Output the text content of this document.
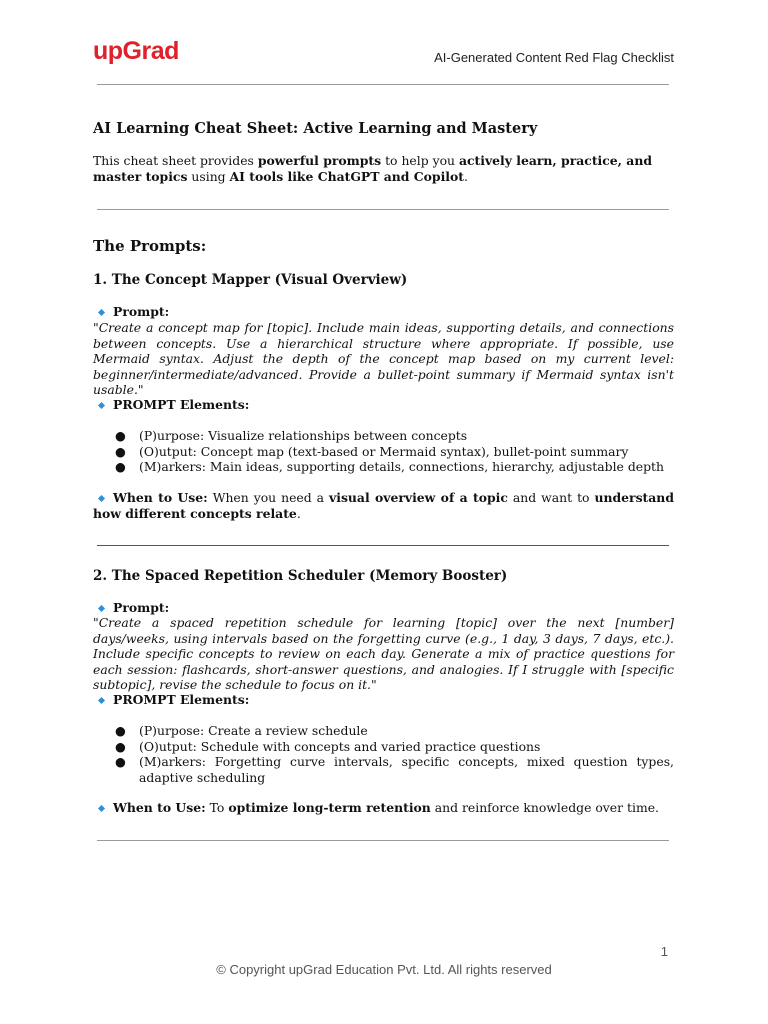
upGrad	AI-Generated Content Red Flag Checklist
AI Learning Cheat Sheet: Active Learning and Mastery
This cheat sheet provides powerful prompts to help you actively learn, practice, and master topics using AI tools like ChatGPT and Copilot.
The Prompts:
1. The Concept Mapper (Visual Overview)
Prompt:
"Create a concept map for [topic]. Include main ideas, supporting details, and connections between concepts. Use a hierarchical structure where appropriate. If possible, use Mermaid syntax. Adjust the depth of the concept map based on my current level: beginner/intermediate/advanced. Provide a bullet-point summary if Mermaid syntax isn't usable."
PROMPT Elements:
● (P)urpose: Visualize relationships between concepts
● (O)utput: Concept map (text-based or Mermaid syntax), bullet-point summary
● (M)arkers: Main ideas, supporting details, connections, hierarchy, adjustable depth
When to Use: When you need a visual overview of a topic and want to understand how different concepts relate.
2. The Spaced Repetition Scheduler (Memory Booster)
Prompt:
"Create a spaced repetition schedule for learning [topic] over the next [number] days/weeks, using intervals based on the forgetting curve (e.g., 1 day, 3 days, 7 days, etc.). Include specific concepts to review on each day. Generate a mix of practice questions for each session: flashcards, short-answer questions, and analogies. If I struggle with [specific subtopic], revise the schedule to focus on it."
PROMPT Elements:
● (P)urpose: Create a review schedule
● (O)utput: Schedule with concepts and varied practice questions
● (M)arkers: Forgetting curve intervals, specific concepts, mixed question types, adaptive scheduling
When to Use: To optimize long-term retention and reinforce knowledge over time.
1
© Copyright upGrad Education Pvt. Ltd. All rights reserved
